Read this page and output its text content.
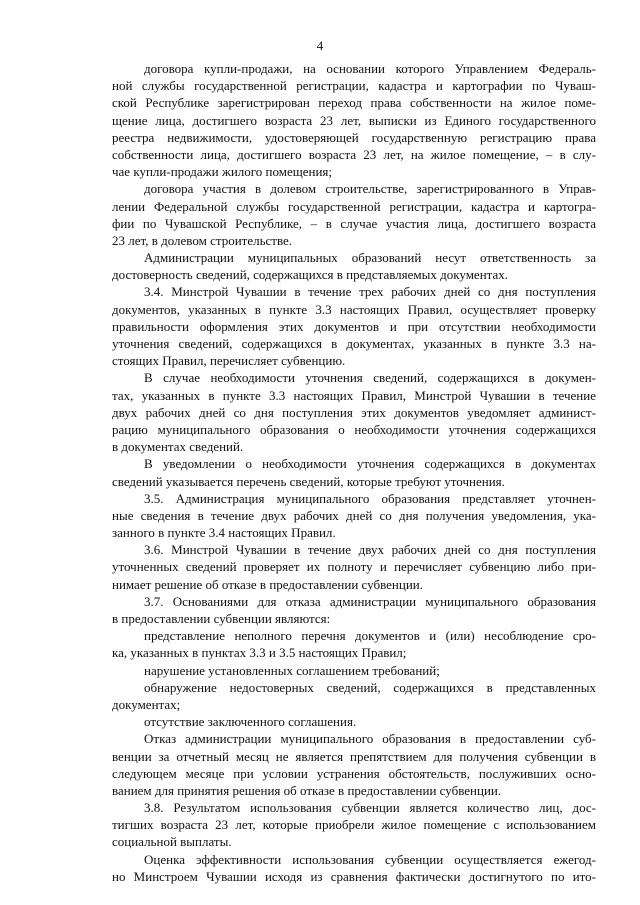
4
договора купли-продажи, на основании которого Управлением Федераль-
ной службы государственной регистрации, кадастра и картографии по Чуваш-
ской Республике зарегистрирован переход права собственности на жилое поме-
щение лица, достигшего возраста 23 лет, выписки из Единого государственного
реестра недвижимости, удостоверяющей государственную регистрацию права
собственности лица, достигшего возраста 23 лет, на жилое помещение, – в слу-
чае купли-продажи жилого помещения;
договора участия в долевом строительстве, зарегистрированного в Управ-
лении Федеральной службы государственной регистрации, кадастра и картогра-
фии по Чувашской Республике, – в случае участия лица, достигшего возраста
23 лет, в долевом строительстве.
Администрации муниципальных образований несут ответственность за
достоверность сведений, содержащихся в представляемых документах.
3.4. Минстрой Чувашии в течение трех рабочих дней со дня поступления
документов, указанных в пункте 3.3 настоящих Правил, осуществляет проверку
правильности оформления этих документов и при отсутствии необходимости
уточнения сведений, содержащихся в документах, указанных в пункте 3.3 на-
стоящих Правил, перечисляет субвенцию.
В случае необходимости уточнения сведений, содержащихся в докумен-
тах, указанных в пункте 3.3 настоящих Правил, Минстрой Чувашии в течение
двух рабочих дней со дня поступления этих документов уведомляет админист-
рацию муниципального образования о необходимости уточнения содержащихся
в документах сведений.
В уведомлении о необходимости уточнения содержащихся в документах
сведений указывается перечень сведений, которые требуют уточнения.
3.5. Администрация муниципального образования представляет уточнен-
ные сведения в течение двух рабочих дней со дня получения уведомления, ука-
занного в пункте 3.4 настоящих Правил.
3.6. Минстрой Чувашии в течение двух рабочих дней со дня поступления
уточненных сведений проверяет их полноту и перечисляет субвенцию либо при-
нимает решение об отказе в предоставлении субвенции.
3.7. Основаниями для отказа администрации муниципального образования
в предоставлении субвенции являются:
представление неполного перечня документов и (или) несоблюдение сро-
ка, указанных в пунктах 3.3 и 3.5 настоящих Правил;
нарушение установленных соглашением требований;
обнаружение недостоверных сведений, содержащихся в представленных
документах;
отсутствие заключенного соглашения.
Отказ администрации муниципального образования в предоставлении суб-
венции за отчетный месяц не является препятствием для получения субвенции в
следующем месяце при условии устранения обстоятельств, послуживших осно-
ванием для принятия решения об отказе в предоставлении субвенции.
3.8. Результатом использования субвенции является количество лиц, дос-
тигших возраста 23 лет, которые приобрели жилое помещение с использованием
социальной выплаты.
Оценка эффективности использования субвенции осуществляется ежегод-
но Минстроем Чувашии исходя из сравнения фактически достигнутого по ито-
